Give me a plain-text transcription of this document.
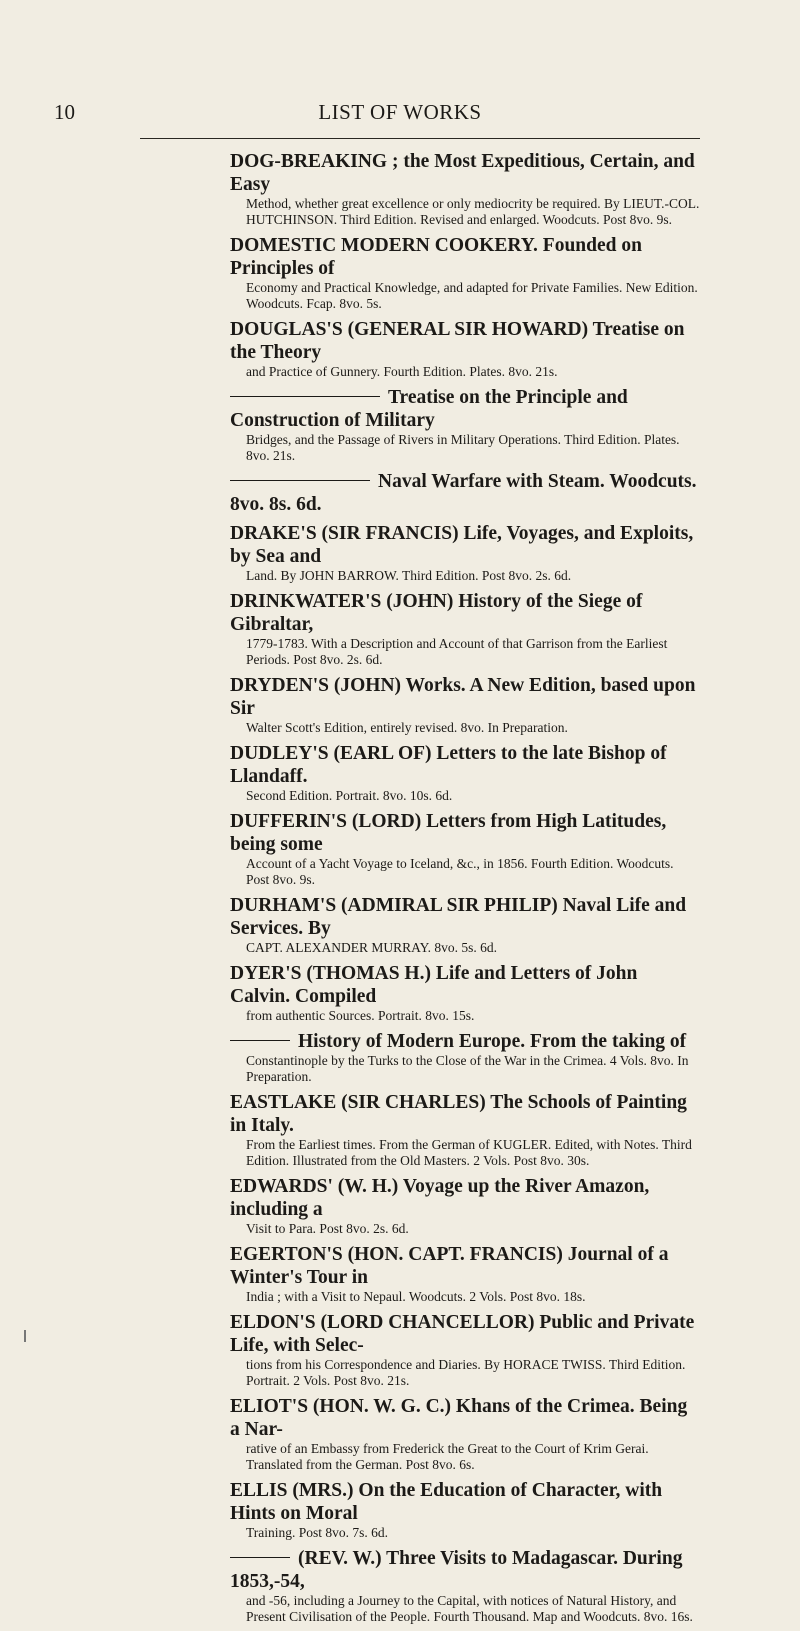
10	LIST OF WORKS
DOG-BREAKING ; the Most Expeditious, Certain, and Easy
Method, whether great excellence or only mediocrity be required. By LIEUT.-COL. HUTCHINSON. Third Edition. Revised and enlarged. Woodcuts. Post 8vo. 9s.
DOMESTIC MODERN COOKERY. Founded on Principles of
Economy and Practical Knowledge, and adapted for Private Families. New Edition. Woodcuts. Fcap. 8vo. 5s.
DOUGLAS'S (GENERAL SIR HOWARD) Treatise on the Theory
and Practice of Gunnery. Fourth Edition. Plates. 8vo. 21s.
Treatise on the Principle and Construction of Military
Bridges, and the Passage of Rivers in Military Operations. Third Edition. Plates. 8vo. 21s.
Naval Warfare with Steam. Woodcuts. 8vo. 8s. 6d.
DRAKE'S (SIR FRANCIS) Life, Voyages, and Exploits, by Sea and
Land. By JOHN BARROW. Third Edition. Post 8vo. 2s. 6d.
DRINKWATER'S (JOHN) History of the Siege of Gibraltar,
1779-1783. With a Description and Account of that Garrison from the Earliest Periods. Post 8vo. 2s. 6d.
DRYDEN'S (JOHN) Works. A New Edition, based upon Sir
Walter Scott's Edition, entirely revised. 8vo. In Preparation.
DUDLEY'S (EARL OF) Letters to the late Bishop of Llandaff.
Second Edition. Portrait. 8vo. 10s. 6d.
DUFFERIN'S (LORD) Letters from High Latitudes, being some
Account of a Yacht Voyage to Iceland, &c., in 1856. Fourth Edition. Woodcuts. Post 8vo. 9s.
DURHAM'S (ADMIRAL SIR PHILIP) Naval Life and Services. By
CAPT. ALEXANDER MURRAY. 8vo. 5s. 6d.
DYER'S (THOMAS H.) Life and Letters of John Calvin. Compiled
from authentic Sources. Portrait. 8vo. 15s.
History of Modern Europe. From the taking of
Constantinople by the Turks to the Close of the War in the Crimea. 4 Vols. 8vo. In Preparation.
EASTLAKE (SIR CHARLES) The Schools of Painting in Italy.
From the Earliest times. From the German of KUGLER. Edited, with Notes. Third Edition. Illustrated from the Old Masters. 2 Vols. Post 8vo. 30s.
EDWARDS' (W. H.) Voyage up the River Amazon, including a
Visit to Para. Post 8vo. 2s. 6d.
EGERTON'S (HON. CAPT. FRANCIS) Journal of a Winter's Tour in
India ; with a Visit to Nepaul. Woodcuts. 2 Vols. Post 8vo. 18s.
ELDON'S (LORD CHANCELLOR) Public and Private Life, with Selec-
tions from his Correspondence and Diaries. By HORACE TWISS. Third Edition. Portrait. 2 Vols. Post 8vo. 21s.
ELIOT'S (HON. W. G. C.) Khans of the Crimea. Being a Nar-
rative of an Embassy from Frederick the Great to the Court of Krim Gerai. Translated from the German. Post 8vo. 6s.
ELLIS (MRS.) On the Education of Character, with Hints on Moral
Training. Post 8vo. 7s. 6d.
(REV. W.) Three Visits to Madagascar. During 1853,-54,
and -56, including a Journey to the Capital, with notices of Natural History, and Present Civilisation of the People. Fourth Thousand. Map and Woodcuts. 8vo. 16s.
